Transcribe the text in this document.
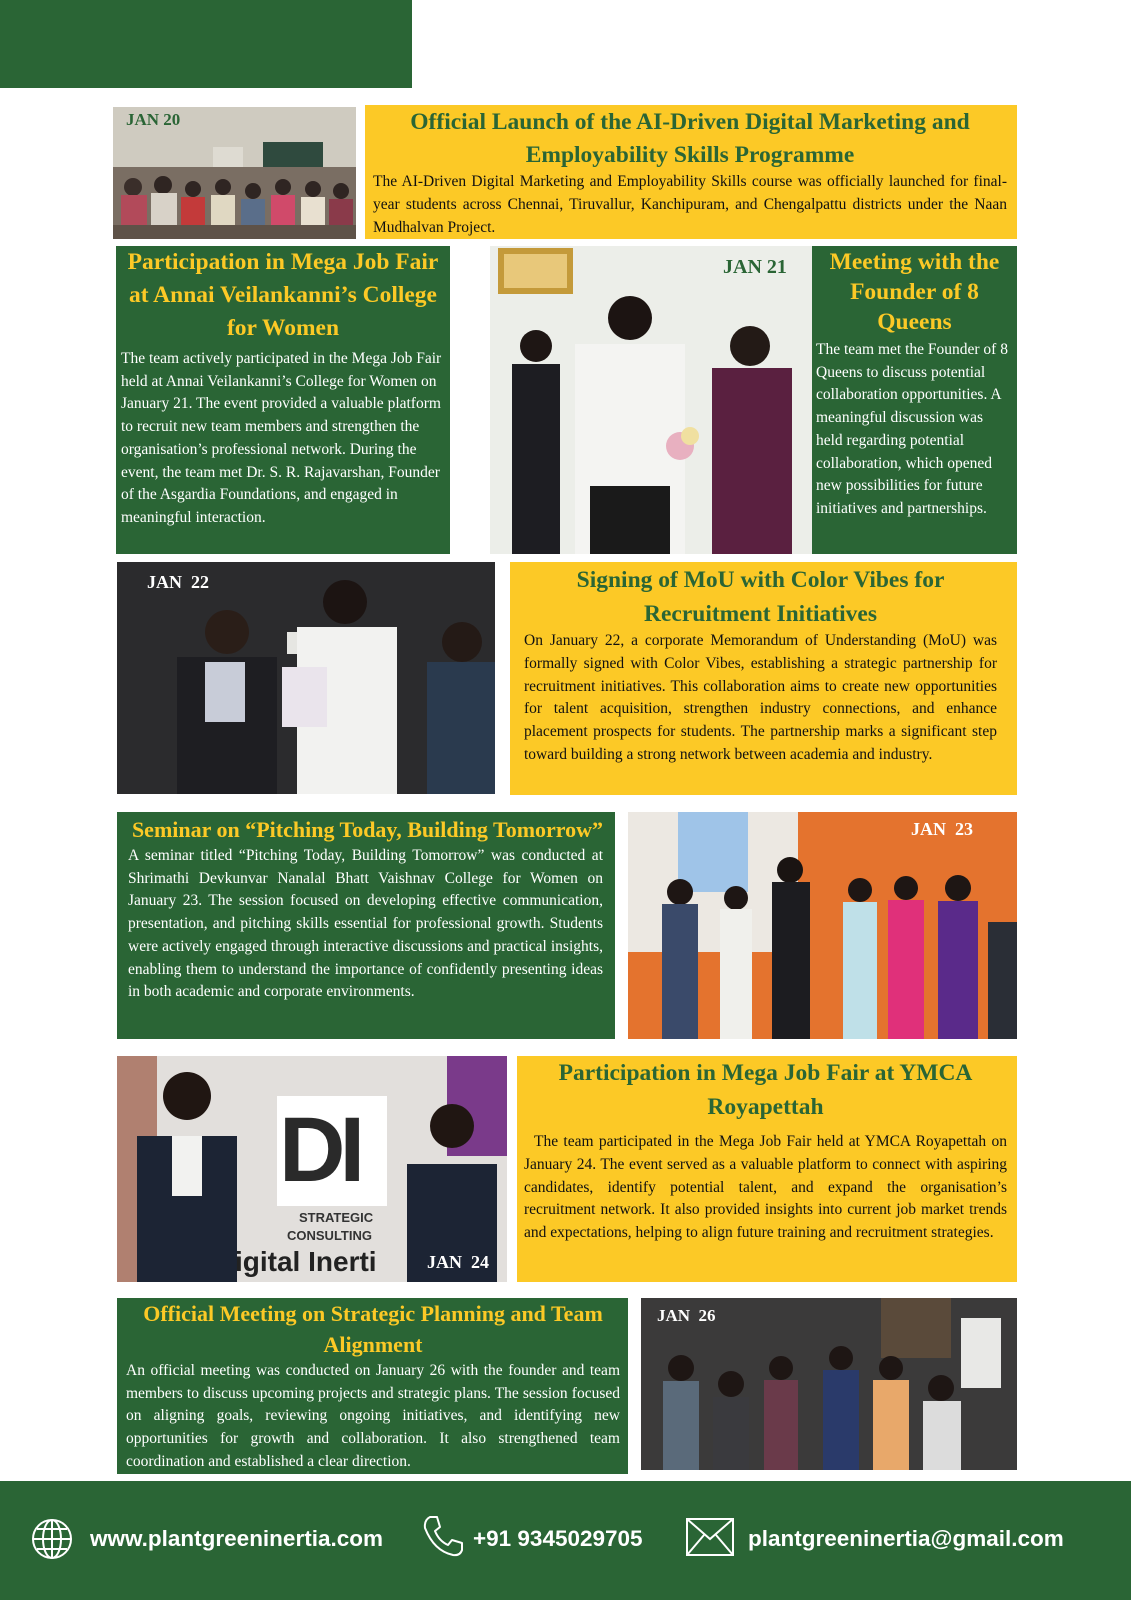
JAN 20	Official Launch of the AI-Driven Digital Marketing and Employability Skills Programme

The AI-Driven Digital Marketing and Employability Skills course was officially launched for final-year students across Chennai, Tiruvallur, Kanchipuram, and Chengalpattu districts under the Naan Mudhalvan Project.

Participation in Mega Job Fair at Annai Veilankanni’s College for Women

The team actively participated in the Mega Job Fair held at Annai Veilankanni’s College for Women on January 21. The event provided a valuable platform to recruit new team members and strengthen the organisation’s professional network. During the event, the team met Dr. S. R. Rajavarshan, Founder of the Asgardia Foundations, and engaged in meaningful interaction.

JAN 21	Meeting with the Founder of 8 Queens

The team met the Founder of 8 Queens to discuss potential collaboration opportunities. A meaningful discussion was held regarding potential collaboration, which opened new possibilities for future initiatives and partnerships.

JAN  22	Signing of MoU with Color Vibes for Recruitment Initiatives

On January 22, a corporate Memorandum of Understanding (MoU) was formally signed with Color Vibes, establishing a strategic partnership for recruitment initiatives. This collaboration aims to create new opportunities for talent acquisition, strengthen industry connections, and enhance placement prospects for students. The partnership marks a significant step toward building a strong network between academia and industry.

Seminar on “Pitching Today, Building Tomorrow”

A seminar titled “Pitching Today, Building Tomorrow” was conducted at Shrimathi Devkunvar Nanalal Bhatt Vaishnav College for Women on January 23. The session focused on developing effective communication, presentation, and pitching skills essential for professional growth. Students were actively engaged through interactive discussions and practical insights, enabling them to understand the importance of confidently presenting ideas in both academic and corporate environments.

JAN  23
DI
STRATEGIC
CONSULTING
igital Inerti	JAN  24
Participation in Mega Job Fair at YMCA Royapettah

The team participated in the Mega Job Fair held at YMCA Royapettah on January 24. The event served as a valuable platform to connect with aspiring candidates, identify potential talent, and expand the organisation’s recruitment network. It also provided insights into current job market trends and expectations, helping to align future training and recruitment strategies.

Official Meeting on Strategic Planning and Team Alignment

An official meeting was conducted on January 26 with the founder and team members to discuss upcoming projects and strategic plans. The session focused on aligning goals, reviewing ongoing initiatives, and identifying new opportunities for growth and collaboration. It also strengthened team coordination and established a clear direction.

JAN  26
www.plantgreeninertia.com	+91 9345029705	plantgreeninertia@gmail.com
